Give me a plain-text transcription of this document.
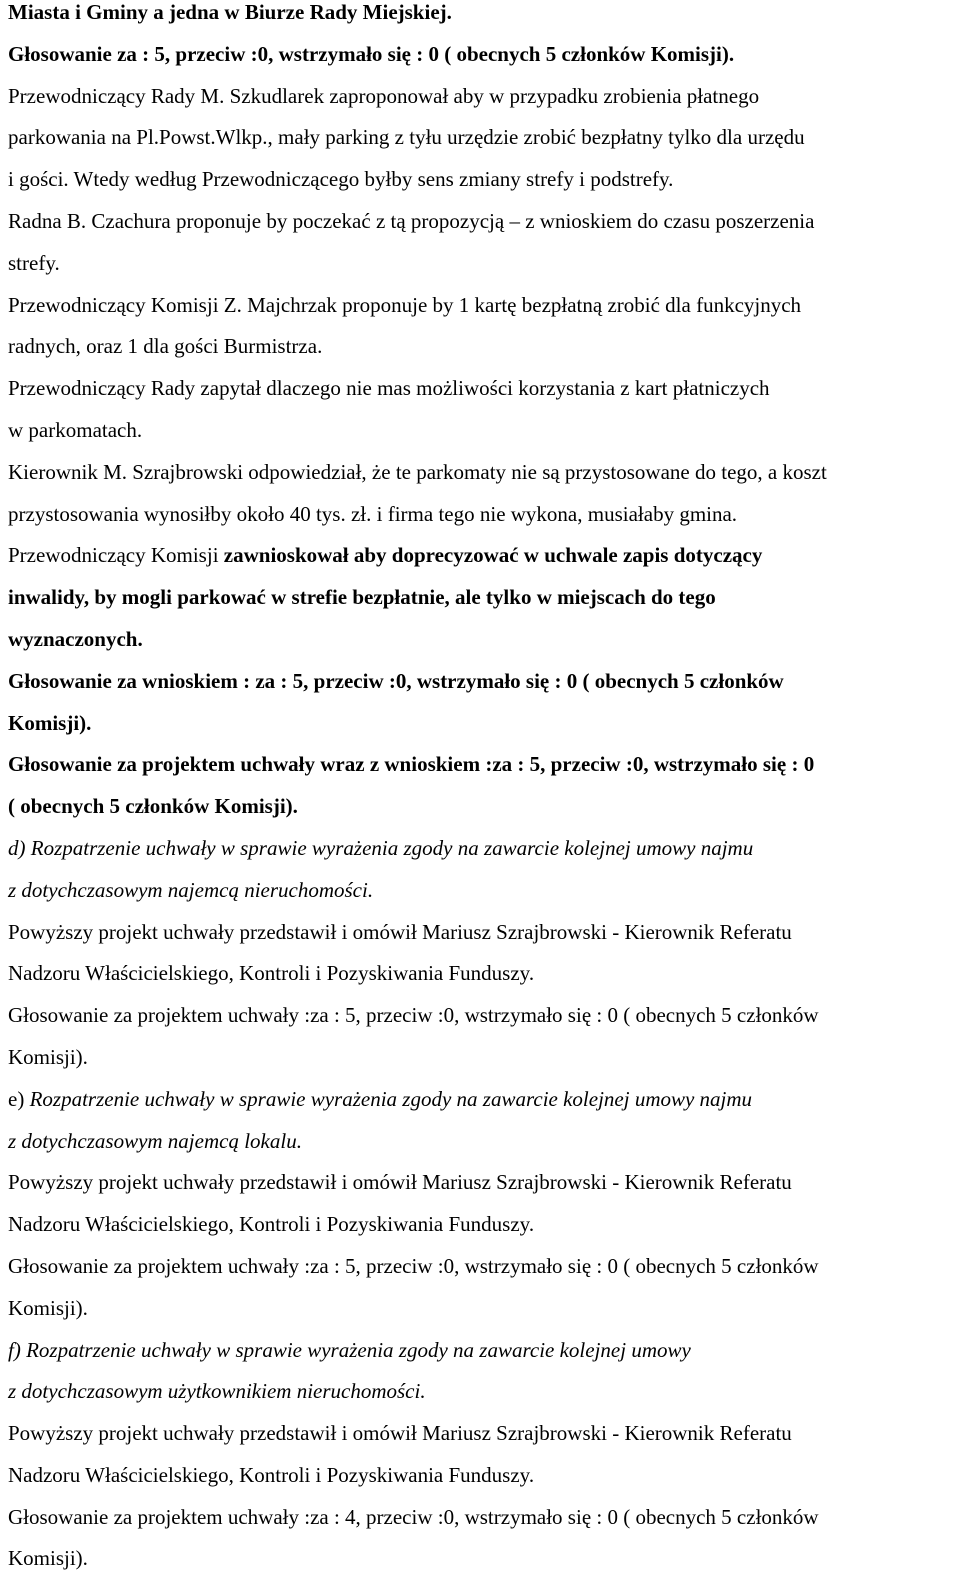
Miasta i Gminy a jedna w Biurze Rady Miejskiej.
Głosowanie za : 5, przeciw :0, wstrzymało się : 0 ( obecnych 5 członków Komisji).
Przewodniczący Rady M. Szkudlarek zaproponował aby w przypadku zrobienia płatnego
parkowania na Pl.Powst.Wlkp., mały parking z tyłu urzędzie zrobić bezpłatny tylko dla urzędu
i gości. Wtedy według Przewodniczącego byłby sens zmiany strefy i podstrefy.
Radna B. Czachura proponuje by poczekać z tą propozycją – z wnioskiem do czasu poszerzenia
strefy.
Przewodniczący Komisji Z. Majchrzak proponuje by 1 kartę bezpłatną zrobić dla funkcyjnych
radnych, oraz 1 dla gości Burmistrza.
Przewodniczący Rady zapytał dlaczego nie mas możliwości korzystania z kart płatniczych
w parkomatach.
Kierownik M. Szrajbrowski odpowiedział, że te parkomaty nie są przystosowane do tego, a koszt
przystosowania wynosiłby około 40 tys. zł. i firma tego nie wykona, musiałaby gmina.
Przewodniczący Komisji zawnioskował aby doprecyzować w uchwale zapis dotyczący
inwalidy, by mogli parkować w strefie bezpłatnie, ale tylko w miejscach do tego
wyznaczonych.
Głosowanie za wnioskiem : za : 5, przeciw :0, wstrzymało się : 0 ( obecnych 5 członków
Komisji).
Głosowanie za projektem uchwały wraz z wnioskiem :za : 5, przeciw :0, wstrzymało się : 0
( obecnych 5 członków Komisji).
d) Rozpatrzenie uchwały w sprawie wyrażenia zgody na zawarcie kolejnej umowy najmu
z dotychczasowym najemcą nieruchomości.
Powyższy projekt uchwały przedstawił i omówił Mariusz Szrajbrowski - Kierownik Referatu
Nadzoru Właścicielskiego, Kontroli i Pozyskiwania Funduszy.
Głosowanie za projektem uchwały :za : 5, przeciw :0, wstrzymało się : 0 ( obecnych 5 członków
Komisji).
e) Rozpatrzenie uchwały w sprawie wyrażenia zgody na zawarcie kolejnej umowy najmu
z dotychczasowym najemcą lokalu.
Powyższy projekt uchwały przedstawił i omówił Mariusz Szrajbrowski - Kierownik Referatu
Nadzoru Właścicielskiego, Kontroli i Pozyskiwania Funduszy.
Głosowanie za projektem uchwały :za : 5, przeciw :0, wstrzymało się : 0 ( obecnych 5 członków
Komisji).
f) Rozpatrzenie uchwały w sprawie wyrażenia zgody na zawarcie kolejnej umowy
z dotychczasowym użytkownikiem nieruchomości.
Powyższy projekt uchwały przedstawił i omówił Mariusz Szrajbrowski - Kierownik Referatu
Nadzoru Właścicielskiego, Kontroli i Pozyskiwania Funduszy.
Głosowanie za projektem uchwały :za : 4, przeciw :0, wstrzymało się : 0 ( obecnych 5 członków
Komisji).
